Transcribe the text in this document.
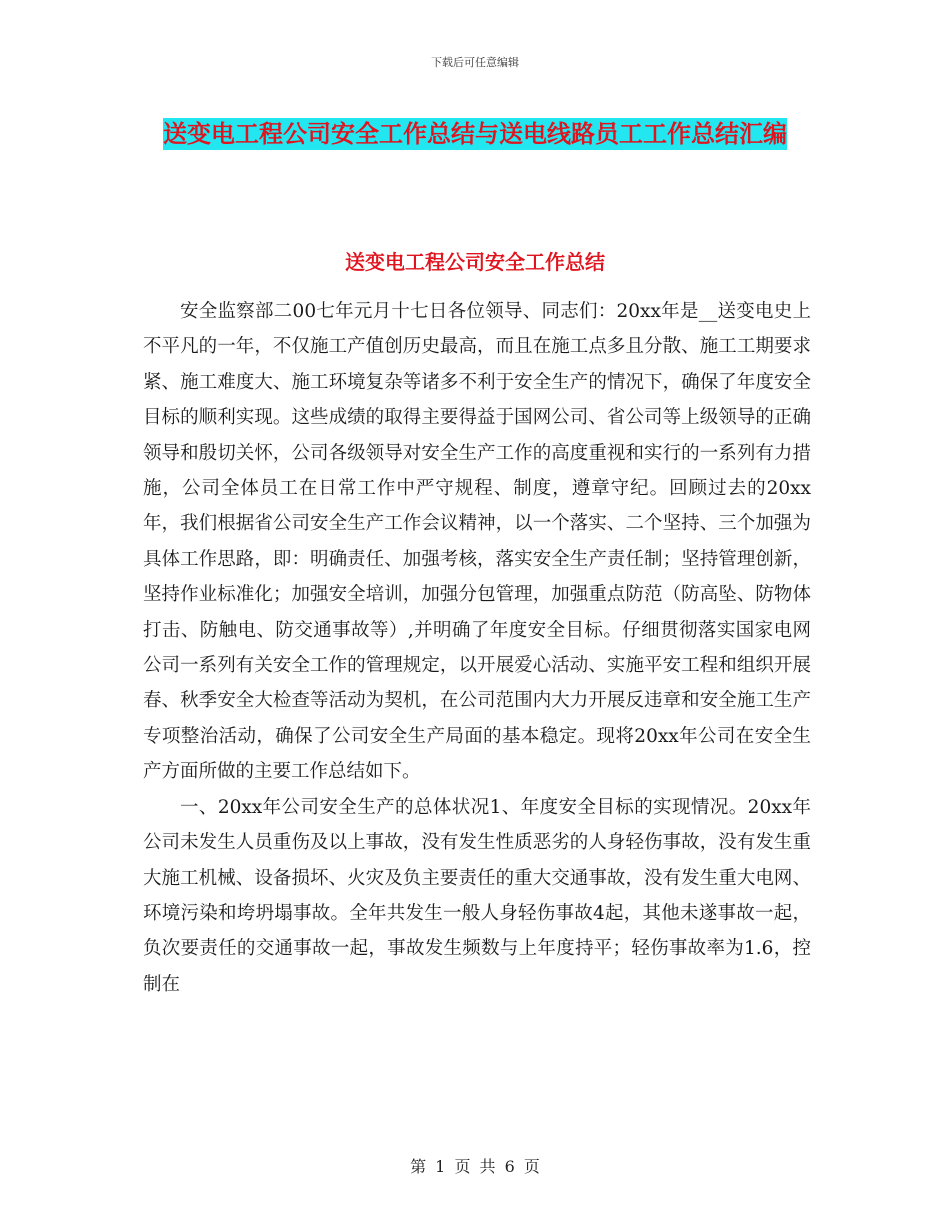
下载后可任意编辑
送变电工程公司安全工作总结与送电线路员工工作总结汇编
送变电工程公司安全工作总结

安全监察部二00七年元月十七日各位领导、同志们：20xx年是__送变电史上不平凡的一年，不仅施工产值创历史最高，而且在施工点多且分散、施工工期要求紧、施工难度大、施工环境复杂等诸多不利于安全生产的情况下，确保了年度安全目标的顺利实现。这些成绩的取得主要得益于国网公司、省公司等上级领导的正确领导和殷切关怀，公司各级领导对安全生产工作的高度重视和实行的一系列有力措施，公司全体员工在日常工作中严守规程、制度，遵章守纪。回顾过去的20xx年，我们根据省公司安全生产工作会议精神，以一个落实、二个坚持、三个加强为具体工作思路，即：明确责任、加强考核，落实安全生产责任制；坚持管理创新，坚持作业标准化；加强安全培训，加强分包管理，加强重点防范（防高坠、防物体打击、防触电、防交通事故等）,并明确了年度安全目标。仔细贯彻落实国家电网公司一系列有关安全工作的管理规定，以开展爱心活动、实施平安工程和组织开展春、秋季安全大检查等活动为契机，在公司范围内大力开展反违章和安全施工生产专项整治活动，确保了公司安全生产局面的基本稳定。现将20xx年公司在安全生产方面所做的主要工作总结如下。

一、20xx年公司安全生产的总体状况1、年度安全目标的实现情况。20xx年公司未发生人员重伤及以上事故，没有发生性质恶劣的人身轻伤事故，没有发生重大施工机械、设备损坏、火灾及负主要责任的重大交通事故，没有发生重大电网、环境污染和垮坍塌事故。全年共发生一般人身轻伤事故4起，其他未遂事故一起，负次要责任的交通事故一起，事故发生频数与上年度持平；轻伤事故率为1.6，控制在

第 1 页 共 6 页
